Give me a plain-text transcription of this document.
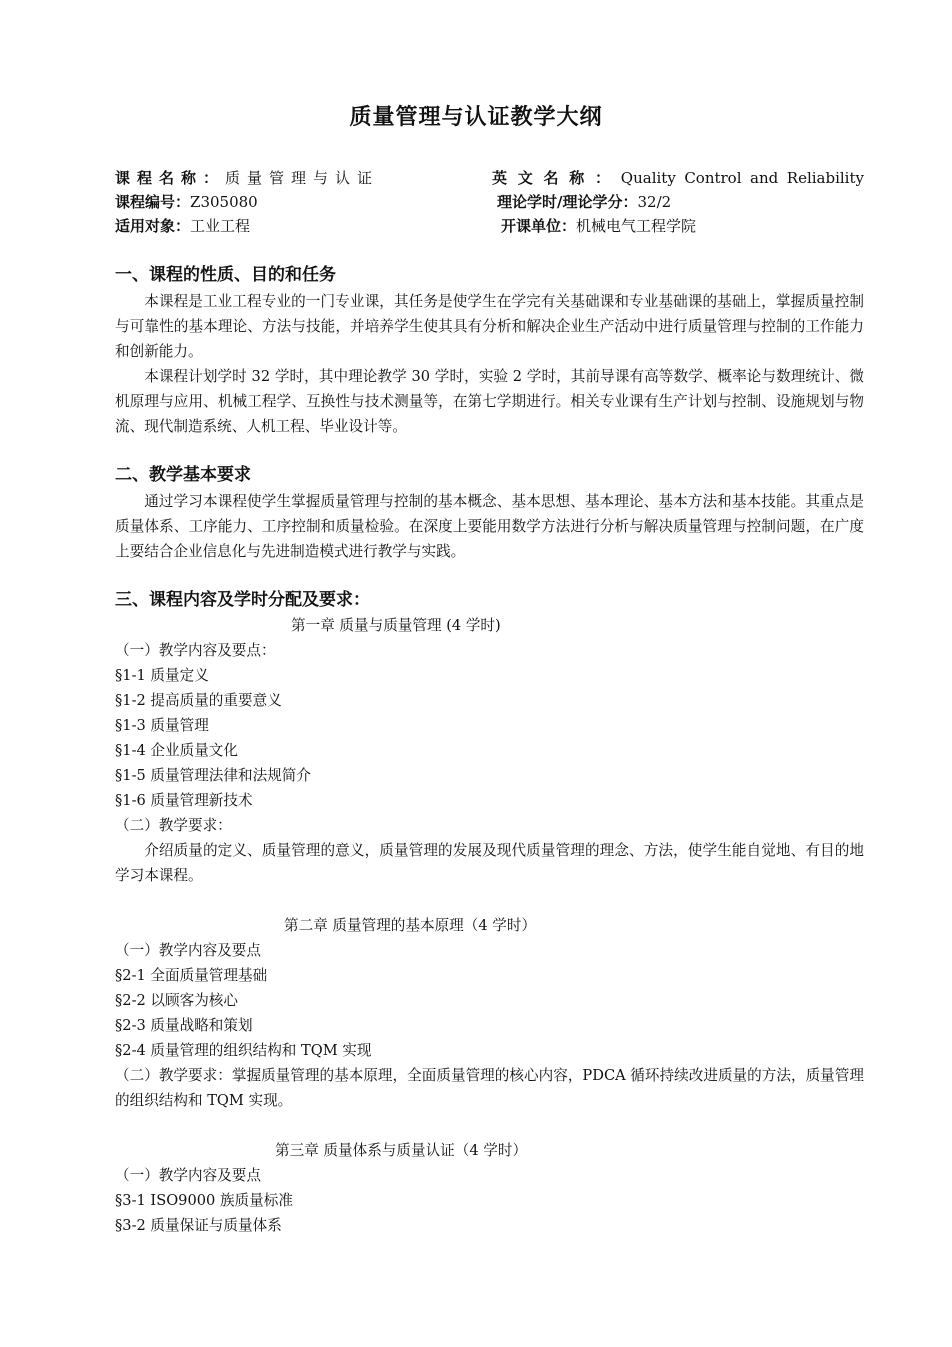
质量管理与认证教学大纲
课程名称：质量管理与认证	英文名称：Quality Control and Reliability
课程编号：Z305080	理论学时/理论学分：32/2
适用对象：工业工程	开课单位：机械电气工程学院
一、课程的性质、目的和任务
本课程是工业工程专业的一门专业课，其任务是使学生在学完有关基础课和专业基础课的基础上，掌握质量控制与可靠性的基本理论、方法与技能，并培养学生使其具有分析和解决企业生产活动中进行质量管理与控制的工作能力和创新能力。
本课程计划学时 32 学时，其中理论教学 30 学时，实验 2 学时，其前导课有高等数学、概率论与数理统计、微机原理与应用、机械工程学、互换性与技术测量等，在第七学期进行。相关专业课有生产计划与控制、设施规划与物流、现代制造系统、人机工程、毕业设计等。
二、教学基本要求
通过学习本课程使学生掌握质量管理与控制的基本概念、基本思想、基本理论、基本方法和基本技能。其重点是质量体系、工序能力、工序控制和质量检验。在深度上要能用数学方法进行分析与解决质量管理与控制问题，在广度上要结合企业信息化与先进制造模式进行教学与实践。
三、课程内容及学时分配及要求：
第一章 质量与质量管理 (4 学时)
（一）教学内容及要点：
§1-1 质量定义
§1-2 提高质量的重要意义
§1-3 质量管理
§1-4 企业质量文化
§1-5 质量管理法律和法规简介
§1-6 质量管理新技术
（二）教学要求：
介绍质量的定义、质量管理的意义，质量管理的发展及现代质量管理的理念、方法，使学生能自觉地、有目的地学习本课程。
第二章 质量管理的基本原理（4 学时）
（一）教学内容及要点
§2-1 全面质量管理基础
§2-2 以顾客为核心
§2-3 质量战略和策划
§2-4 质量管理的组织结构和 TQM 实现
（二）教学要求：掌握质量管理的基本原理，全面质量管理的核心内容，PDCA 循环持续改进质量的方法，质量管理的组织结构和 TQM 实现。
第三章 质量体系与质量认证（4 学时）
（一）教学内容及要点
§3-1 ISO9000 族质量标准
§3-2 质量保证与质量体系
